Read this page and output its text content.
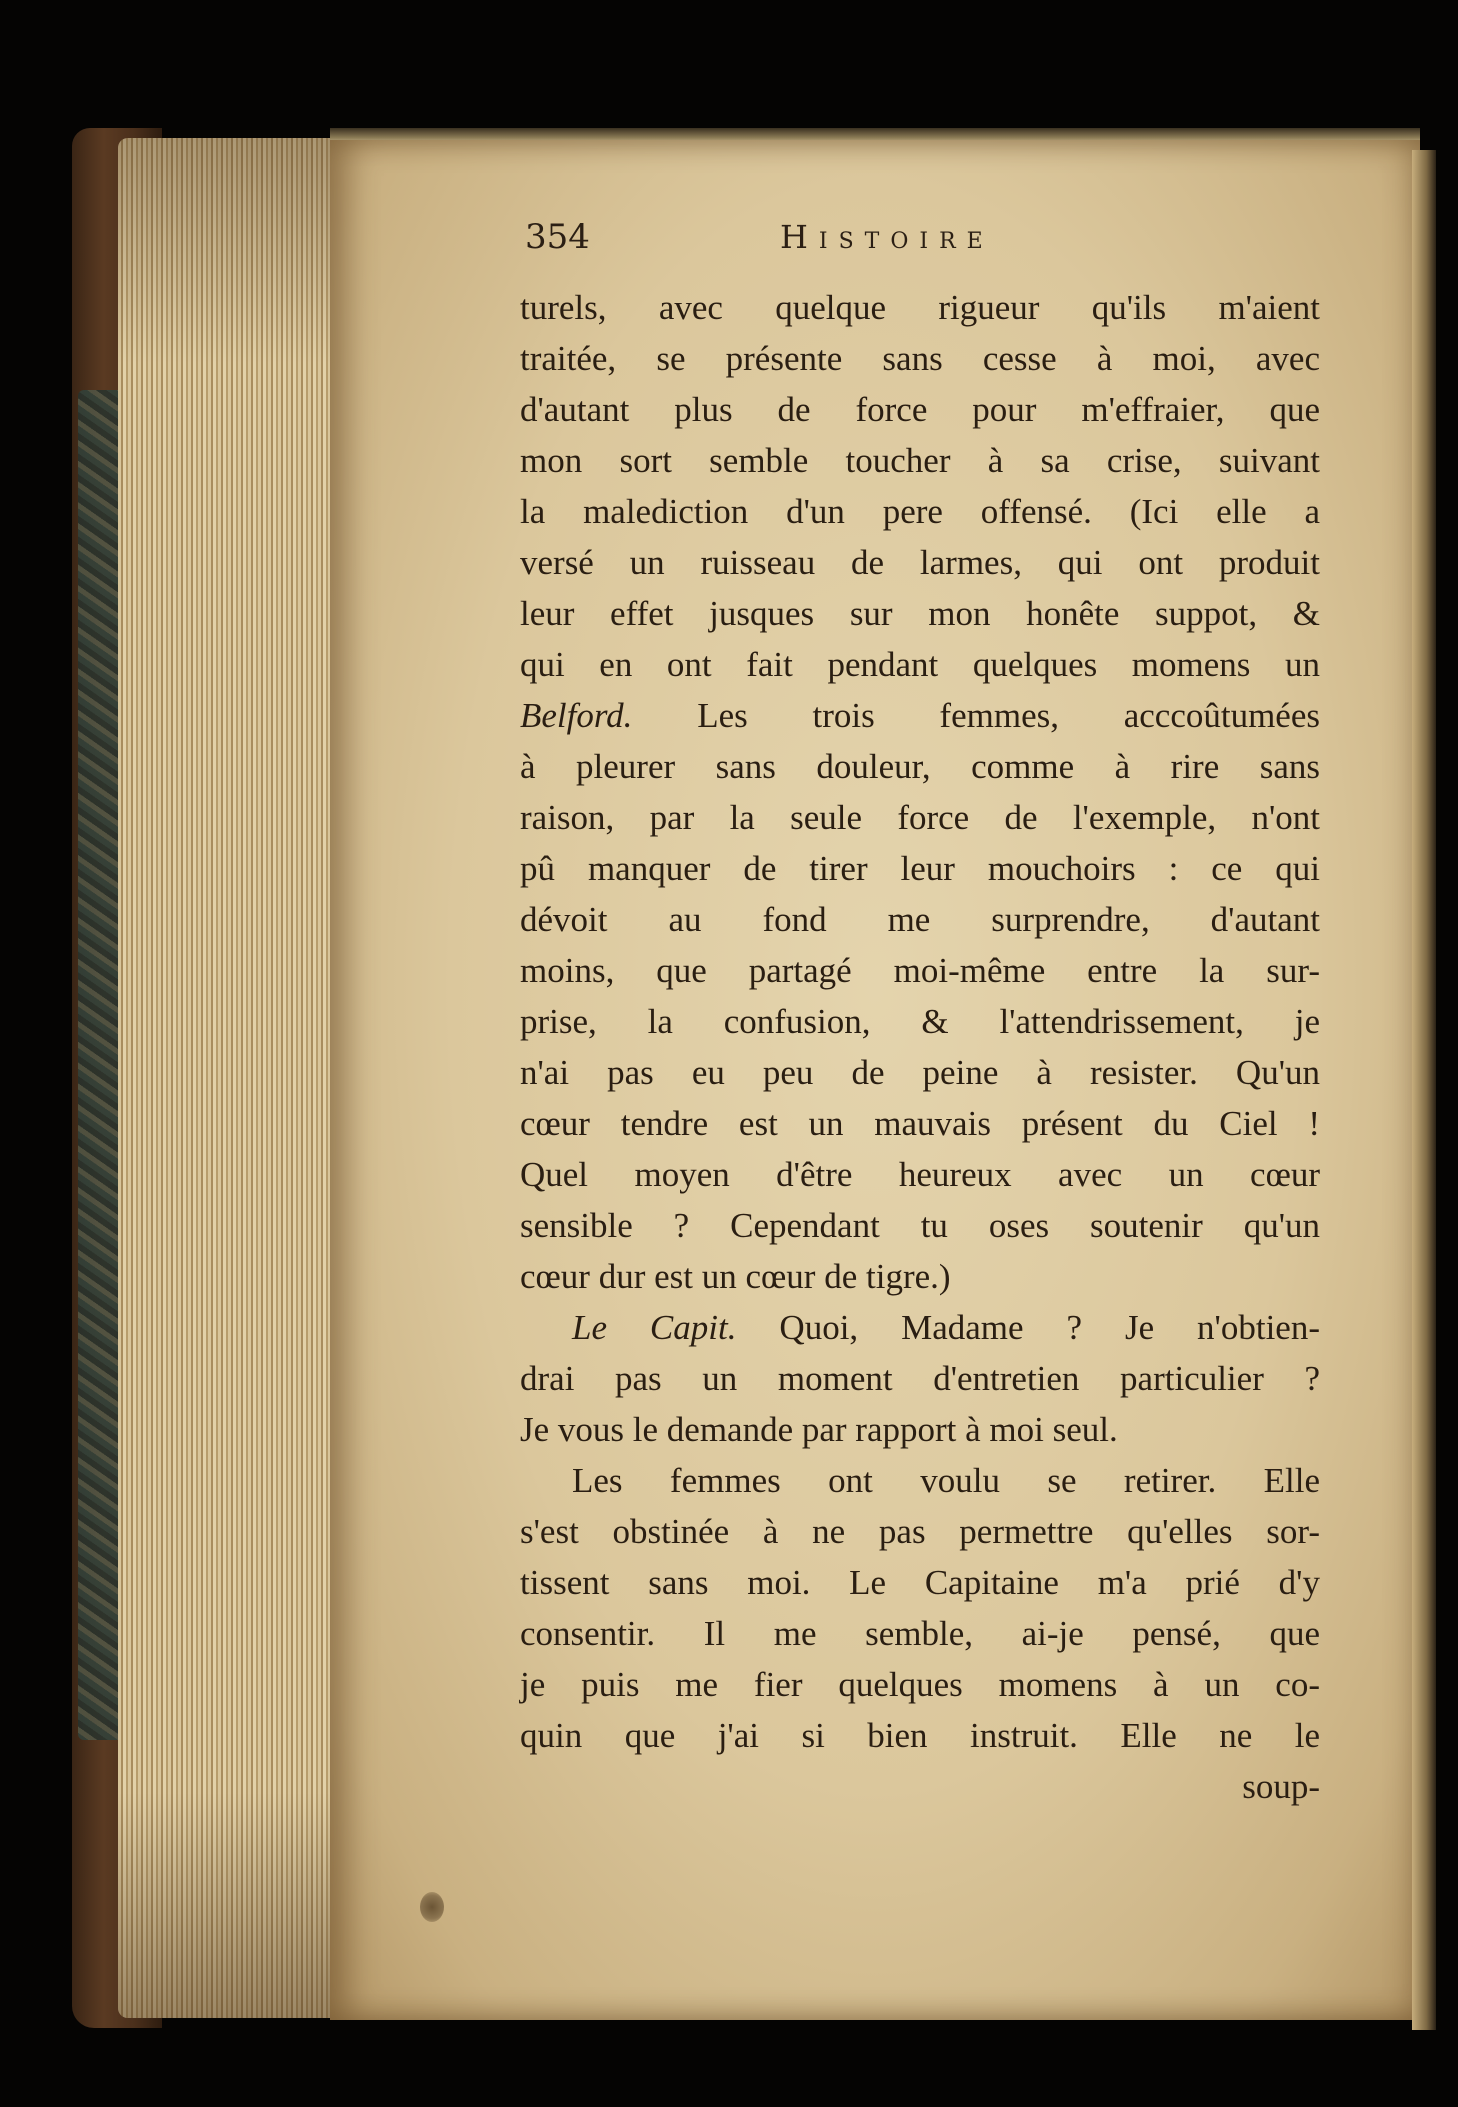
354	Histoire
turels, avec quelque rigueur qu'ils m'aient
traitée, se présente sans cesse à moi, avec
d'autant plus de force pour m'effraier, que
mon sort semble toucher à sa crise, suivant
la malediction d'un pere offensé. (Ici elle a
versé un ruisseau de larmes, qui ont produit
leur effet jusques sur mon honête suppot, &
qui en ont fait pendant quelques momens un
Belford. Les trois femmes, acccoûtumées
à pleurer sans douleur, comme à rire sans
raison, par la seule force de l'exemple, n'ont
pû manquer de tirer leur mouchoirs : ce qui
dévoit au fond me surprendre, d'autant
moins, que partagé moi-même entre la sur-
prise, la confusion, & l'attendrissement, je
n'ai pas eu peu de peine à resister. Qu'un
cœur tendre est un mauvais présent du Ciel !
Quel moyen d'être heureux avec un cœur
sensible ? Cependant tu oses soutenir qu'un
cœur dur est un cœur de tigre.)
Le Capit. Quoi, Madame ? Je n'obtien-
drai pas un moment d'entretien particulier ?
Je vous le demande par rapport à moi seul.
Les femmes ont voulu se retirer. Elle
s'est obstinée à ne pas permettre qu'elles sor-
tissent sans moi. Le Capitaine m'a prié d'y
consentir. Il me semble, ai-je pensé, que
je puis me fier quelques momens à un co-
quin que j'ai si bien instruit. Elle ne le
soup-
